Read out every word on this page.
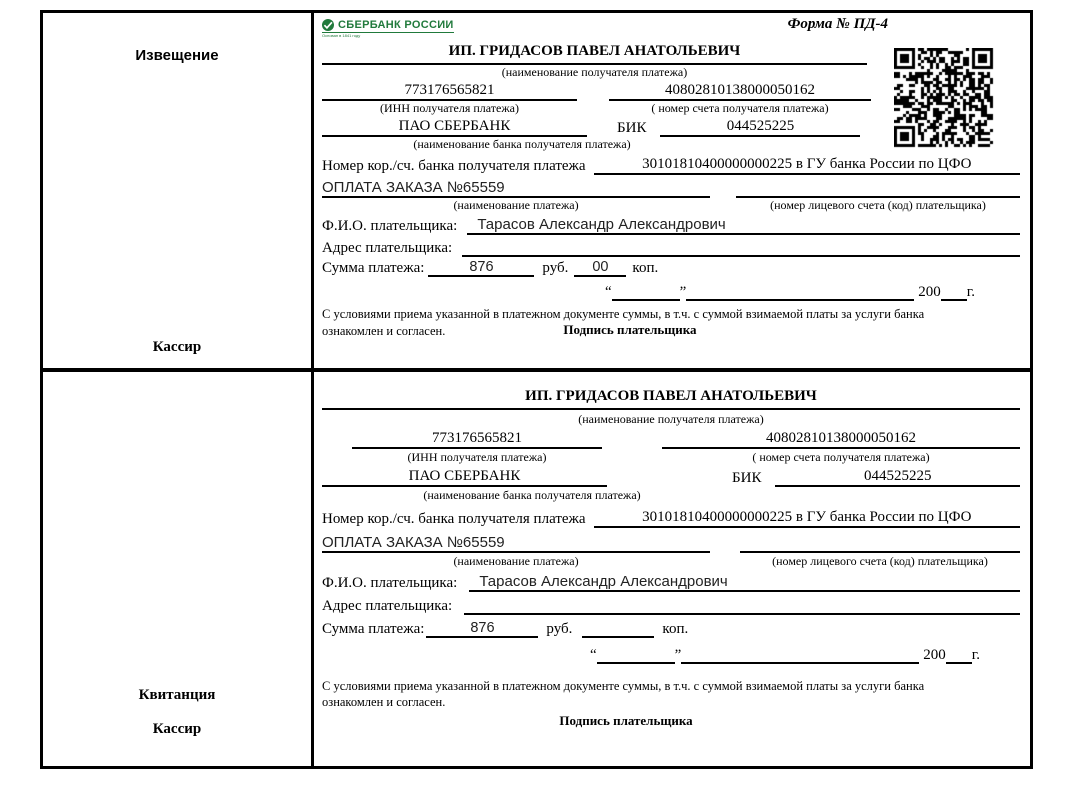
Извещение
Кассир
СБЕРБАНК РОССИИ
Основан в 1841 году
Форма № ПД-4
ИП. ГРИДАСОВ ПАВЕЛ АНАТОЛЬЕВИЧ
(наименование получателя платежа)
773176565821	40802810138000050162
(ИНН получателя платежа)	( номер счета получателя платежа)
ПАО СБЕРБАНК	БИК	044525225
(наименование банка получателя платежа)
Номер кор./сч. банка получателя платежа	30101810400000000225 в ГУ банка России по ЦФО
ОПЛАТА ЗАКАЗА №65559
(наименование платежа)	(номер лицевого счета (код) плательщика)
Ф.И.О. плательщика:	Тарасов Александр Александрович
Адрес плательщика:
Сумма платежа:	876	руб.	00	коп.
“	”	200 г.
С условиями приема указанной в платежном документе суммы, в т.ч. с суммой взимаемой платы за услуги банка
ознакомлен и согласен.	Подпись плательщика
Квитанция
Кассир
ИП. ГРИДАСОВ ПАВЕЛ АНАТОЛЬЕВИЧ
(наименование получателя платежа)
773176565821	40802810138000050162
(ИНН получателя платежа)	( номер счета получателя платежа)
ПАО СБЕРБАНК	БИК	044525225
(наименование банка получателя платежа)
Номер кор./сч. банка получателя платежа	30101810400000000225 в ГУ банка России по ЦФО
ОПЛАТА ЗАКАЗА №65559
(наименование платежа)	(номер лицевого счета (код) плательщика)
Ф.И.О. плательщика:	Тарасов Александр Александрович
Адрес плательщика:
Сумма платежа:	876	руб.	коп.
“	”	200 г.
С условиями приема указанной в платежном документе суммы, в т.ч. с суммой взимаемой платы за услуги банка
ознакомлен и согласен.
Подпись плательщика
